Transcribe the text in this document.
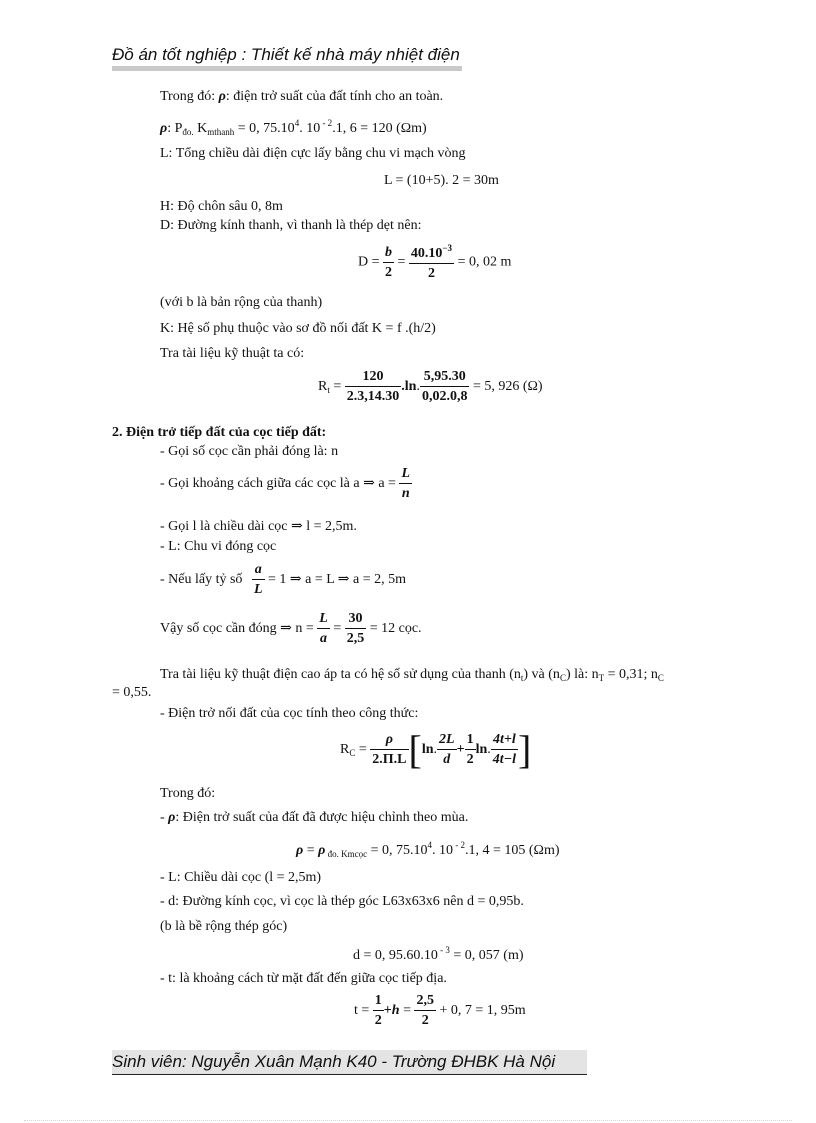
Đồ án tốt nghiệp : Thiết kế nhà máy nhiệt điện
Trong đó: ρ: điện trở suất của đất tính cho an toàn.
ρ: $P_{đo.}$ $K_{mthanh} = 0$, 75.10$^4$. 10 $^{- 2}$.1, 6 = 120 (Ωm)
L: Tổng chiều dài điện cực lấy bằng chu vi mạch vòng
L = (10+5). 2 = 30m
H: Độ chôn sâu 0, 8m
D: Đường kính thanh, vì thanh là thép dẹt nên:
$D = \frac{b}{2} = \frac{40.10^{-3}}{2} = 0$, 02 m
(với b là bản rộng của thanh)
K: Hệ số phụ thuộc vào sơ đồ nối đất K = f .(h/2)
Tra tài liệu kỹ thuật ta có:
$R_t = \frac{120}{2.3,14.30} .\ln$. $\frac{5,95.30}{0,02.0,8} = 5$, 926 (Ω)
2. Điện trở tiếp đất của cọc tiếp đất:
- Gọi số cọc cần phải đóng là: n
- Gọi khoảng cách giữa các cọc là a ⇒ $a = \frac{L}{n}$
- Gọi l là chiều dài cọc ⇒ l = 2,5m.
- L: Chu vi đóng cọc
- Nếu lấy tỷ số $\frac{a}{L} = 1$ ⇒ a = L ⇒ a = 2, 5m
Vậy số cọc cần đóng ⇒ $n = \frac{L}{a} = \frac{30}{2,5} = 12$ cọc.
Tra tài liệu kỹ thuật điện cao áp ta có hệ số sử dụng của thanh $(n_t)$ và $(n_C)$ là: $n_T = 0,31$; $n_C$
= 0,55.
- Điện trở nối đất của cọc tính theo công thức:
$R_C = \frac{\rho}{2.\Pi.L} [\ln$. $\frac{2L}{d} + \frac{1}{2} \ln$. $\frac{4t+l}{4t-l}$ ]
Trong đó:
- ρ: Điện trở suất của đất đã được hiệu chỉnh theo mùa.
ρ = ρ $_{đo. Kmcọc}$ = 0, 75.10$^4$. 10 $^{- 2}$.1, 4 = 105 (Ωm)
- L: Chiều dài cọc (l = 2,5m)
- d: Đường kính cọc, vì cọc là thép góc L63x63x6 nên d = 0,95b.
(b là bề rộng thép góc)
d = 0, 95.60.10 $^{- 3}$ = 0, 057 (m)
- t: là khoảng cách từ mặt đất đến giữa cọc tiếp địa.
$t = \frac{1}{2} +h = \frac{2,5}{2} + 0$, 7 = 1, 95m
Sinh viên: Nguyễn Xuân Mạnh K40 - Trường ĐHBK Hà Nội
